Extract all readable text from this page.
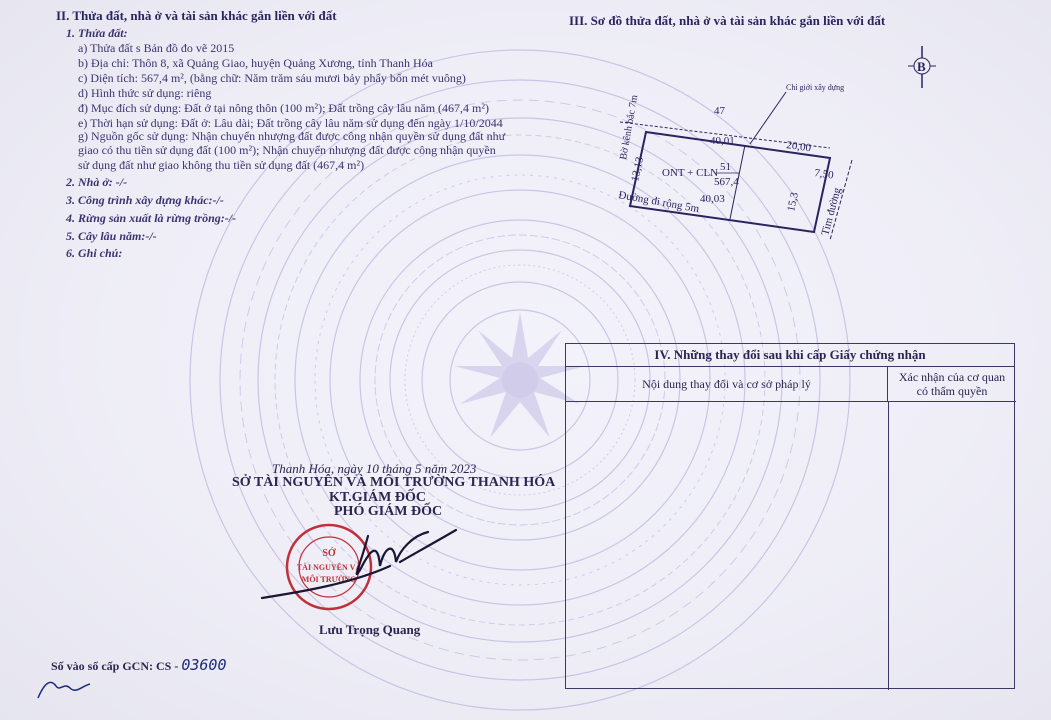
II. Thửa đất, nhà ở và tài sản khác gắn liền với đất
1. Thửa đất:
a) Thửa đất s Bản đồ đo vẽ 2015
b) Địa chỉ: Thôn 8, xã Quảng Giao, huyện Quảng Xương, tỉnh Thanh Hóa
c) Diện tích: 567,4 m², (bằng chữ: Năm trăm sáu mươi bảy phẩy bốn mét vuông)
d) Hình thức sử dụng: riêng
đ) Mục đích sử dụng: Đất ở tại nông thôn (100 m²); Đất trồng cây lâu năm (467,4 m²)
e) Thời hạn sử dụng: Đất ở: Lâu dài; Đất trồng cây lâu năm sử dụng đến ngày 1/10/2044
g) Nguồn gốc sử dụng: Nhận chuyển nhượng đất được công nhận quyền sử dụng đất như
giao có thu tiền sử dụng đất (100 m²); Nhận chuyển nhượng đất được công nhận quyền
sử dụng đất như giao không thu tiền sử dụng đất (467,4 m²)
2. Nhà ở: -/-
3. Công trình xây dựng khác:-/-
4. Rừng sản xuất là rừng trồng:-/-
5. Cây lâu năm:-/-
6. Ghi chú:
III. Sơ đồ thửa đất, nhà ở và tài sản khác gắn liền với đất
47
Chỉ giới xây dựng
Bờ kênh bắc 7m	40,01
40,03
13,13
15,3
20,00
7,50
ONT + CLN 51
567,4
Đường đi rộng 5m	Tim đường
B
IV. Những thay đổi sau khi cấp Giấy chứng nhận
Nội dung thay đổi và cơ sở pháp lý	Xác nhận của cơ quan
có thẩm quyền
Thanh Hóa, ngày 10 tháng 5 năm 2023
SỞ TÀI NGUYÊN VÀ MÔI TRƯỜNG THANH HÓA
KT.GIÁM ĐỐC
PHÓ GIÁM ĐỐC
SỞ
TÀI NGUYÊN VÀ
MÔI TRƯỜNG
Lưu Trọng Quang
Số vào sổ cấp GCN: CS - 03600
